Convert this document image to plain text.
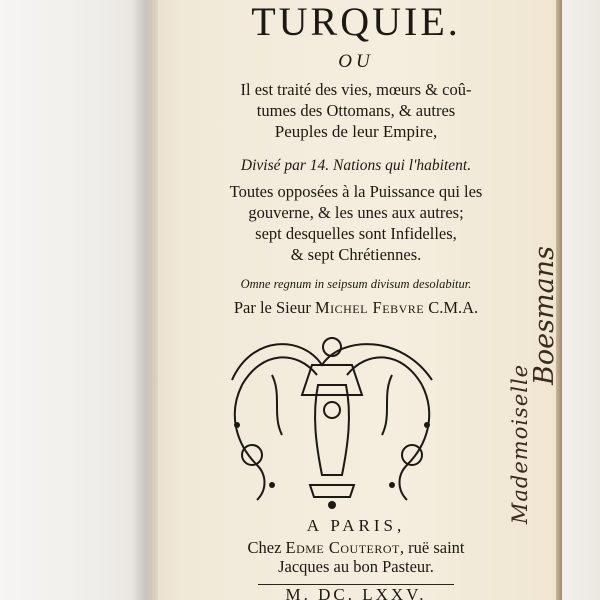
TURQUIE.
OU
Il est traité des vies, mœurs & coû-
tumes des Ottomans, & autres
Peuples de leur Empire,
Divisé par 14. Nations qui l'habitent.
Toutes opposées à la Puissance qui les
gouverne, & les unes aux autres;
sept desquelles sont Infidelles,
& sept Chrétiennes.
Omne regnum in seipsum divisum desolabitur.
Par le Sieur Michel Febvre C.M.A.
A PARIS,
Chez Edme Couterot, ruë saint
Jacques au bon Pasteur.
M. DC. LXXV.
Boesmans
Mademoiselle
